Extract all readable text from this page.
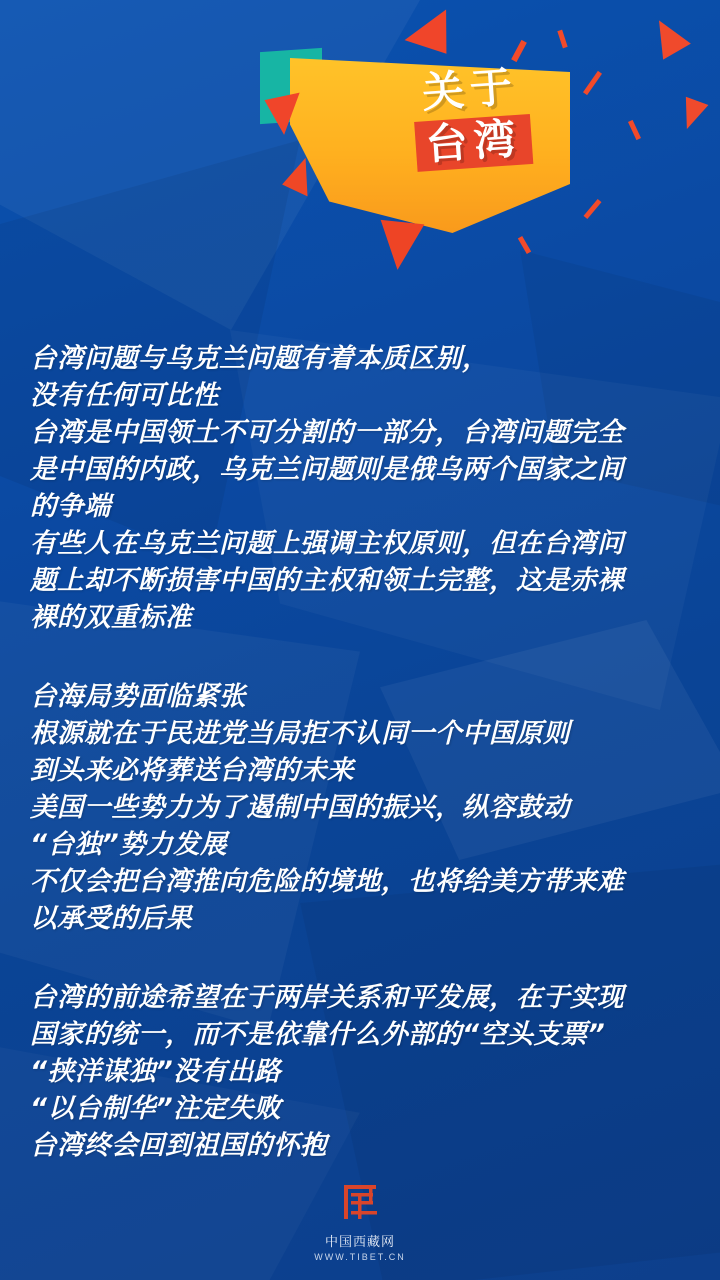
关于
台湾
台湾问题与乌克兰问题有着本质区别，
没有任何可比性
台湾是中国领土不可分割的一部分，台湾问题完全
是中国的内政，乌克兰问题则是俄乌两个国家之间
的争端
有些人在乌克兰问题上强调主权原则，但在台湾问
题上却不断损害中国的主权和领土完整，这是赤裸
裸的双重标准
台海局势面临紧张
根源就在于民进党当局拒不认同一个中国原则
到头来必将葬送台湾的未来
美国一些势力为了遏制中国的振兴，纵容鼓动
“台独”势力发展
不仅会把台湾推向危险的境地，也将给美方带来难
以承受的后果
台湾的前途希望在于两岸关系和平发展，在于实现
国家的统一，而不是依靠什么外部的“空头支票”
“挟洋谋独”没有出路
“以台制华”注定失败
台湾终会回到祖国的怀抱
中国西藏网
WWW.TIBET.CN
